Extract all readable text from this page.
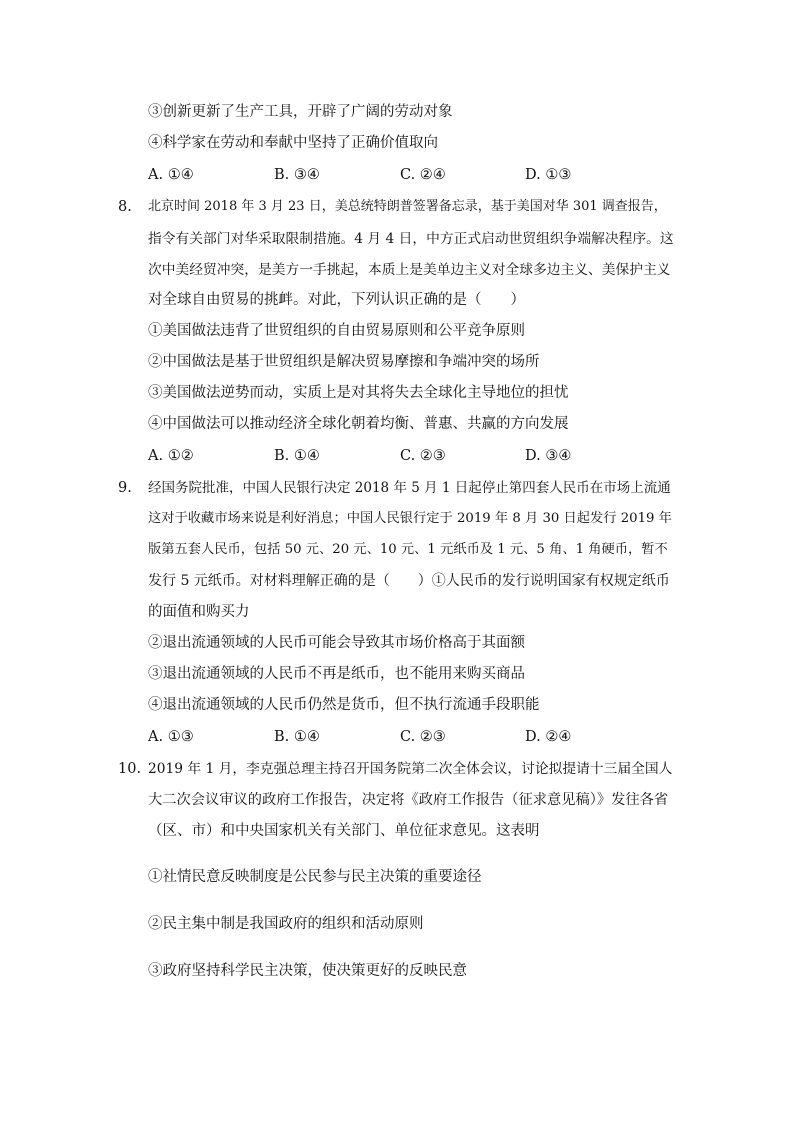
③创新更新了生产工具，开辟了广阔的劳动对象
④科学家在劳动和奉献中坚持了正确价值取向
A. ①④	B. ③④	C. ②④	D. ①③
8. 北京时间 2018 年 3 月 23 日，美总统特朗普签署备忘录，基于美国对华 301 调查报告，
指令有关部门对华采取限制措施。4 月 4 日，中方正式启动世贸组织争端解决程序。这
次中美经贸冲突，是美方一手挑起，本质上是美单边主义对全球多边主义、美保护主义
对全球自由贸易的挑衅。对此，下列认识正确的是（　　）
①美国做法违背了世贸组织的自由贸易原则和公平竞争原则
②中国做法是基于世贸组织是解决贸易摩擦和争端冲突的场所
③美国做法逆势而动，实质上是对其将失去全球化主导地位的担忧
④中国做法可以推动经济全球化朝着均衡、普惠、共赢的方向发展
A. ①②	B. ①④	C. ②③	D. ③④
9. 经国务院批准，中国人民银行决定 2018 年 5 月 1 日起停止第四套人民币在市场上流通
这对于收藏市场来说是利好消息；中国人民银行定于 2019 年 8 月 30 日起发行 2019 年
版第五套人民币，包括 50 元、20 元、10 元、1 元纸币及 1 元、5 角、1 角硬币，暂不
发行 5 元纸币。对材料理解正确的是（　　）①人民币的发行说明国家有权规定纸币
的面值和购买力
②退出流通领域的人民币可能会导致其市场价格高于其面额
③退出流通领域的人民币不再是纸币，也不能用来购买商品
④退出流通领域的人民币仍然是货币，但不执行流通手段职能
A. ①③	B. ①④	C. ②③	D. ②④
10. 2019 年 1 月，李克强总理主持召开国务院第二次全体会议，讨论拟提请十三届全国人
大二次会议审议的政府工作报告，决定将《政府工作报告（征求意见稿）》发往各省
（区、市）和中央国家机关有关部门、单位征求意见。这表明
①社情民意反映制度是公民参与民主决策的重要途径
②民主集中制是我国政府的组织和活动原则
③政府坚持科学民主决策，使决策更好的反映民意
